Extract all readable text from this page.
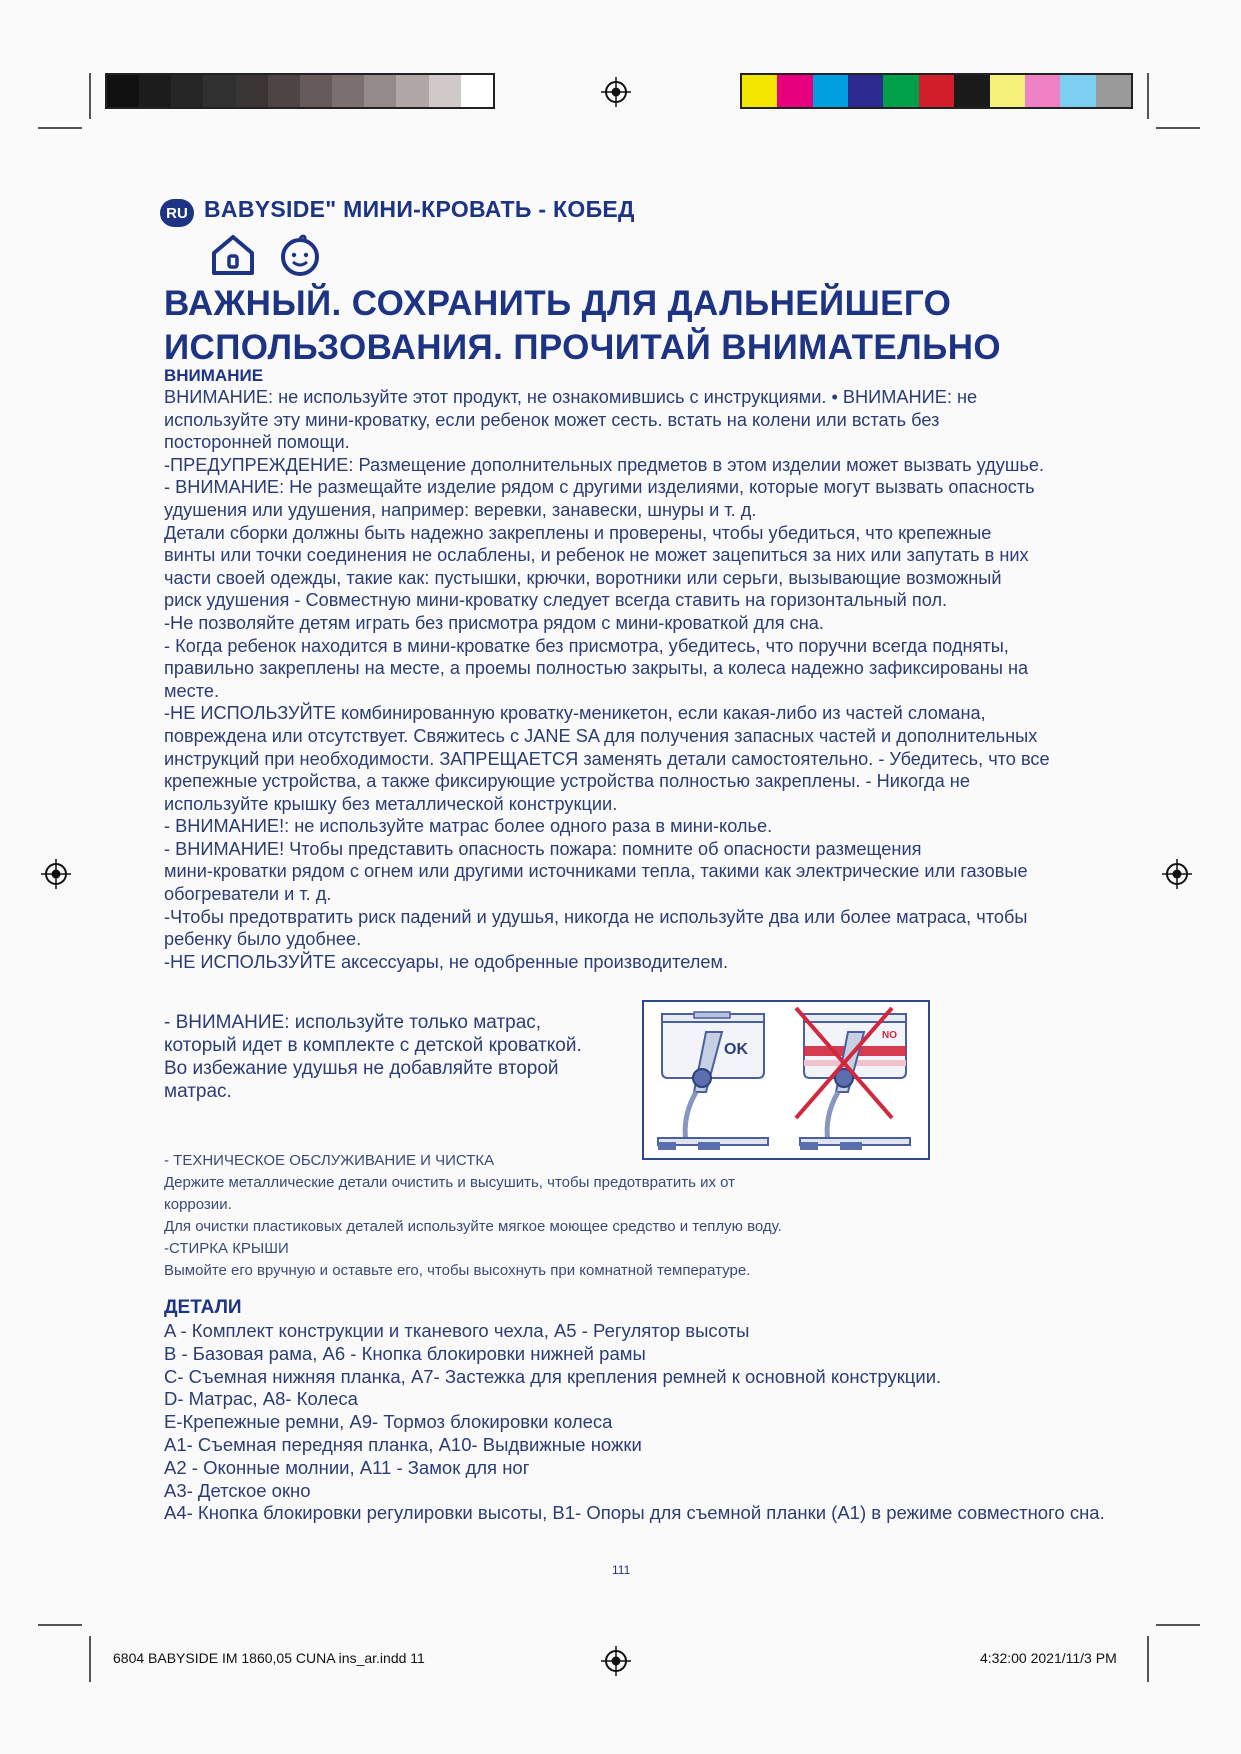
RU BABYSIDE" МИНИ-КРОВАТЬ - КОБЕД
ВАЖНЫЙ. СОХРАНИТЬ ДЛЯ ДАЛЬНЕЙШЕГО
ИСПОЛЬЗОВАНИЯ. ПРОЧИТАЙ ВНИМАТЕЛЬНО
ВНИМАНИЕ

ВНИМАНИЕ: не используйте этот продукт, не ознакомившись с инструкциями. • ВНИМАНИЕ: не

используйте эту мини-кроватку, если ребенок может сесть. встать на колени или встать без

посторонней помощи.

-ПРЕДУПРЕЖДЕНИЕ: Размещение дополнительных предметов в этом изделии может вызвать удушье.

- ВНИМАНИЕ: Не размещайте изделие рядом с другими изделиями, которые могут вызвать опасность

удушения или удушения, например: веревки, занавески, шнуры и т. д.

Детали сборки должны быть надежно закреплены и проверены, чтобы убедиться, что крепежные

винты или точки соединения не ослаблены, и ребенок не может зацепиться за них или запутать в них

части своей одежды, такие как: пустышки, крючки, воротники или серьги, вызывающие возможный

риск удушения - Совместную мини-кроватку следует всегда ставить на горизонтальный пол.

-Не позволяйте детям играть без присмотра рядом с мини-кроваткой для сна.

- Когда ребенок находится в мини-кроватке без присмотра, убедитесь, что поручни всегда подняты,

правильно закреплены на месте, а проемы полностью закрыты, а колеса надежно зафиксированы на

месте.

-НЕ ИСПОЛЬЗУЙТЕ комбинированную кроватку-меникетон, если какая-либо из частей сломана,

повреждена или отсутствует. Свяжитесь с JANE SA для получения запасных частей и дополнительных

инструкций при необходимости. ЗАПРЕЩАЕТСЯ заменять детали самостоятельно. - Убедитесь, что все

крепежные устройства, а также фиксирующие устройства полностью закреплены. - Никогда не

используйте крышку без металлической конструкции.

- ВНИМАНИЕ!: не используйте матрас более одного раза в мини-колье.

- ВНИМАНИЕ! Чтобы представить опасность пожара: помните об опасности размещения

мини-кроватки рядом с огнем или другими источниками тепла, такими как электрические или газовые

обогреватели и т. д.

-Чтобы предотвратить риск падений и удушья, никогда не используйте два или более матраса, чтобы

ребенку было удобнее.

-НЕ ИСПОЛЬЗУЙТЕ аксессуары, не одобренные производителем.

- ВНИМАНИЕ: используйте только матрас,
который идет в комплекте с детской кроваткой.
Во избежание удушья не добавляйте второй
матрас.
OK
NO

- ТЕХНИЧЕСКОЕ ОБСЛУЖИВАНИЕ И ЧИСТКА

Держите металлические детали очистить и высушить, чтобы предотвратить их от

коррозии.

Для очистки пластиковых деталей используйте мягкое моющее средство и теплую воду.

-СТИРКА КРЫШИ

Вымойте его вручную и оставьте его, чтобы высохнуть при комнатной температуре.

ДЕТАЛИ

A - Комплект конструкции и тканевого чехла, A5 - Регулятор высоты

B - Базовая рама, A6 - Кнопка блокировки нижней рамы

C- Съемная нижняя планка, A7- Застежка для крепления ремней к основной конструкции.

D- Матрас, A8- Колеса

E-Крепежные ремни, A9- Тормоз блокировки колеса

A1- Съемная передняя планка, A10- Выдвижные ножки

A2 - Оконные молнии, A11 - Замок для ног

A3- Детское окно

A4- Кнопка блокировки регулировки высоты, B1- Опоры для съемной планки (A1) в режиме совместного сна.

111
6804 BABYSIDE IM 1860,05 CUNA ins_ar.indd 11	4:32:00 2021/11/3 PM
